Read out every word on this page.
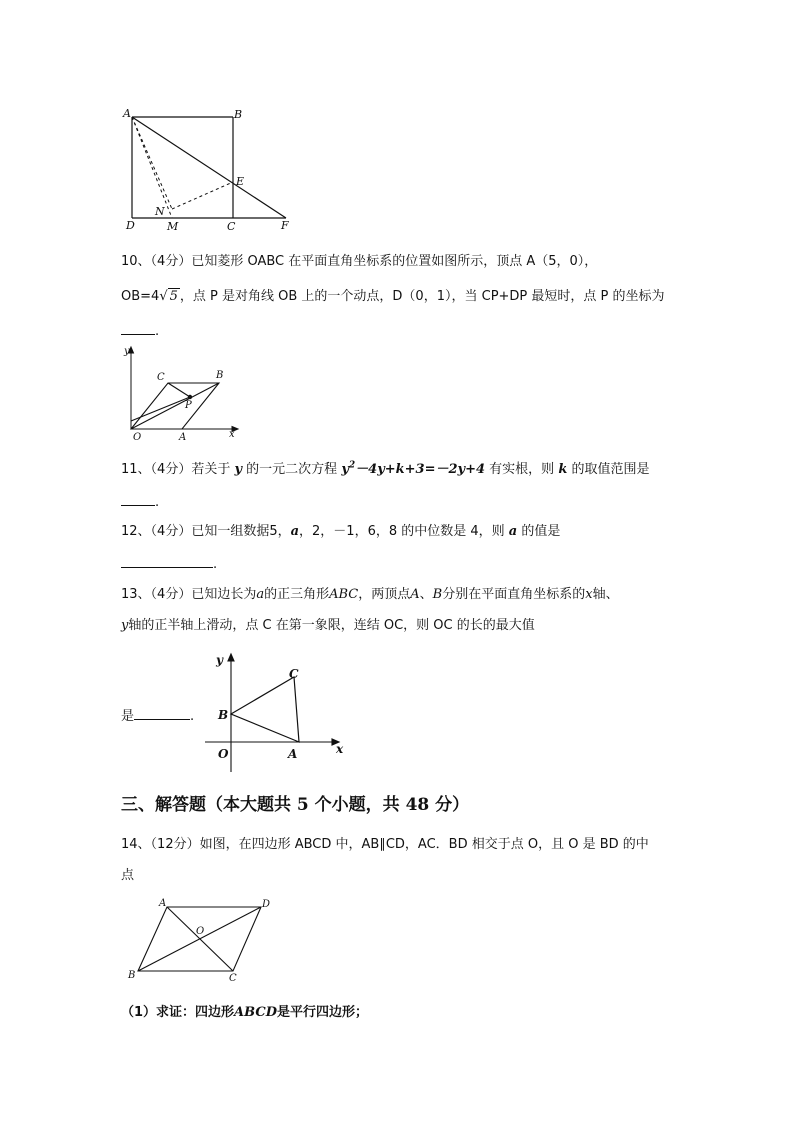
A	B
E
D
N
M	C	F
10、（4分）已知菱形 OABC 在平面直角坐标系的位置如图所示，顶点 A（5，0），
OB=4√ 5 ，点 P 是对角线 OB 上的一个动点，D（0，1），当 CP+DP 最短时，点 P 的坐标为
.
y
x
O	A
C	B
P
11、（4分）若关于 y 的一元二次方程 $y^2-4y+k+3=-2y+4$ 有实根，则 k 的取值范围是
.
12、（4分）已知一组数据5，a，2，－1，6，8 的中位数是 4，则 a 的值是
.
13、（4分）已知边长为a的正三角形ABC，两顶点A、B分别在平面直角坐标系的x轴、
y轴的正半轴上滑动，点 C 在第一象限，连结 OC，则 OC 的长的最大值
是	.
y
x
O	A
B
C
三、解答题（本大题共 5 个小题，共 48 分）
14、（12分）如图，在四边形 ABCD 中，AB∥CD，AC．BD 相交于点 O，且 O 是 BD 的中
点
A	D
O
B	C
（1）求证：四边形ABCD是平行四边形；
